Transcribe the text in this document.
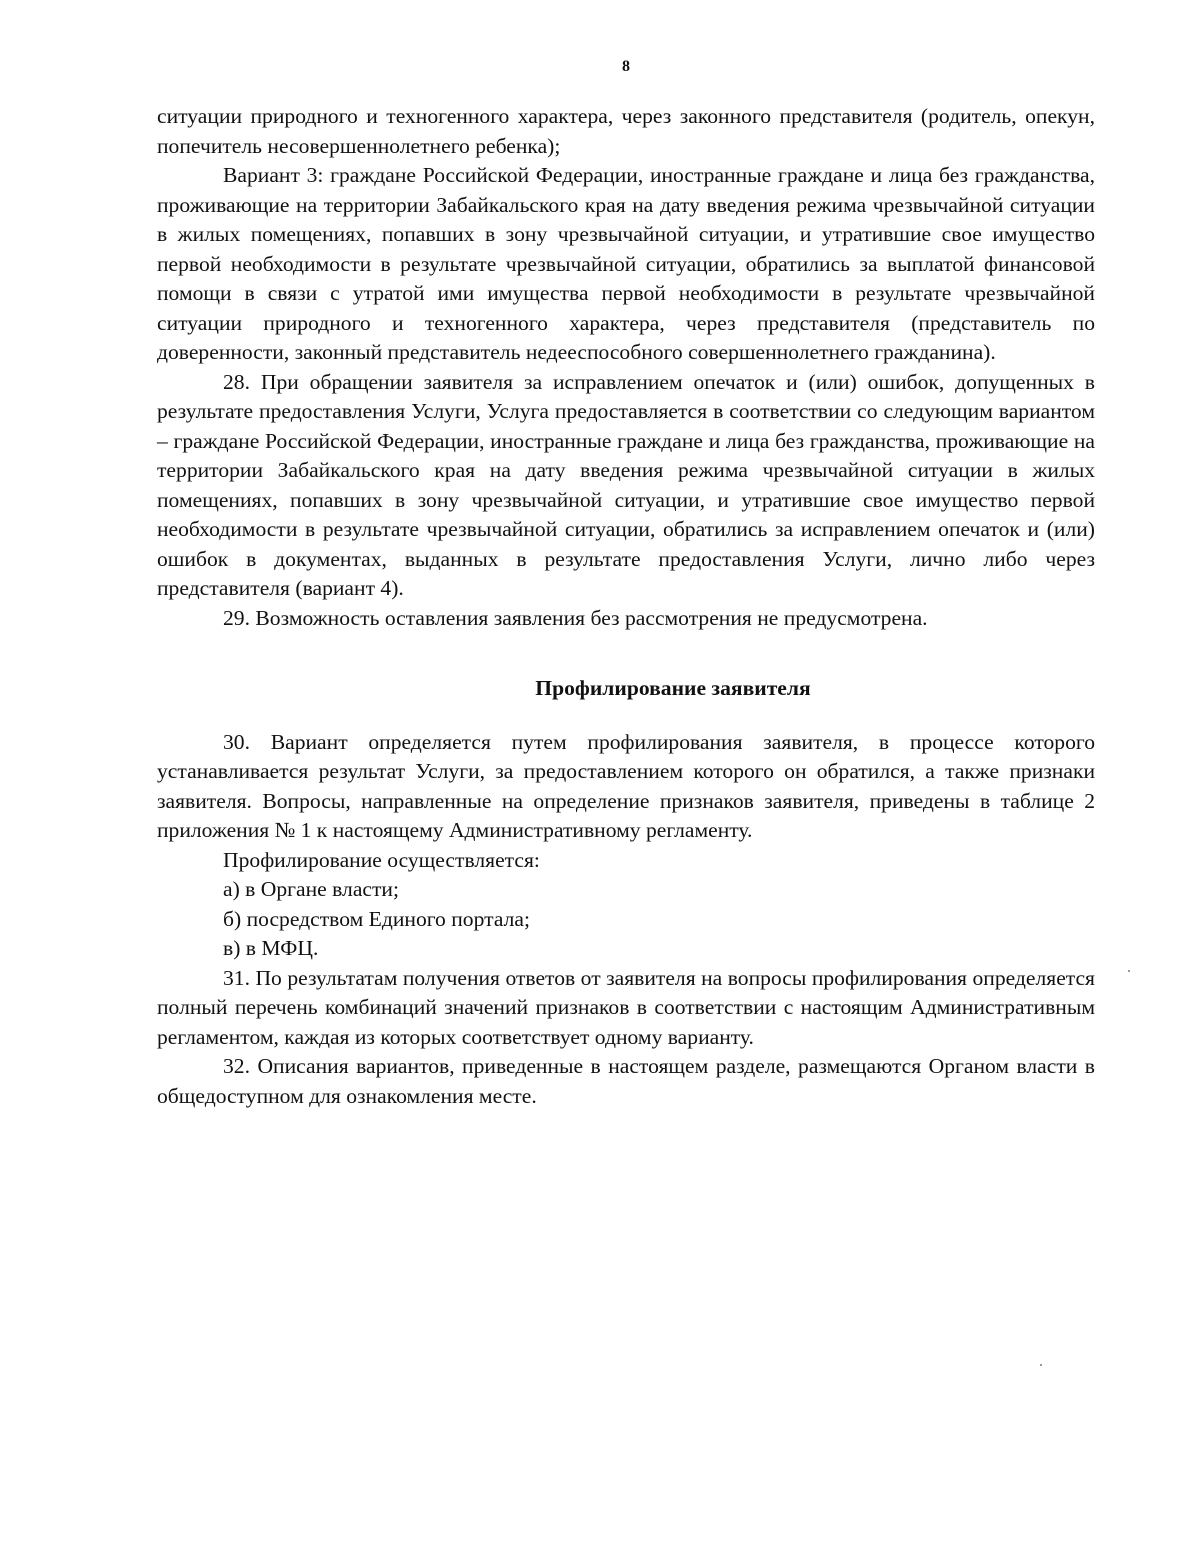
8

ситуации природного и техногенного характера, через законного представителя (родитель, опекун, попечитель несовершеннолетнего ребенка);

Вариант 3: граждане Российской Федерации, иностранные граждане и лица без гражданства, проживающие на территории Забайкальского края на дату введения режима чрезвычайной ситуации в жилых помещениях, попавших в зону чрезвычайной ситуации, и утратившие свое имущество первой необходимости в результате чрезвычайной ситуации, обратились за выплатой финансовой помощи в связи с утратой ими имущества первой необходимости в результате чрезвычайной ситуации природного и техногенного характера, через представителя (представитель по доверенности, законный представитель недееспособного совершеннолетнего гражданина).

28. При обращении заявителя за исправлением опечаток и (или) ошибок, допущенных в результате предоставления Услуги, Услуга предоставляется в соответствии со следующим вариантом – граждане Российской Федерации, иностранные граждане и лица без гражданства, проживающие на территории Забайкальского края на дату введения режима чрезвычайной ситуации в жилых помещениях, попавших в зону чрезвычайной ситуации, и утратившие свое имущество первой необходимости в результате чрезвычайной ситуации, обратились за исправлением опечаток и (или) ошибок в документах, выданных в результате предоставления Услуги, лично либо через представителя (вариант 4).

29. Возможность оставления заявления без рассмотрения не предусмотрена.

Профилирование заявителя

30. Вариант определяется путем профилирования заявителя, в процессе которого устанавливается результат Услуги, за предоставлением которого он обратился, а также признаки заявителя. Вопросы, направленные на определение признаков заявителя, приведены в таблице 2 приложения № 1 к настоящему Административному регламенту.

Профилирование осуществляется:

а) в Органе власти;

б) посредством Единого портала;

в) в МФЦ.

31. По результатам получения ответов от заявителя на вопросы профилирования определяется полный перечень комбинаций значений признаков в соответствии с настоящим Административным регламентом, каждая из которых соответствует одному варианту.

32. Описания вариантов, приведенные в настоящем разделе, размещаются Органом власти в общедоступном для ознакомления месте.
